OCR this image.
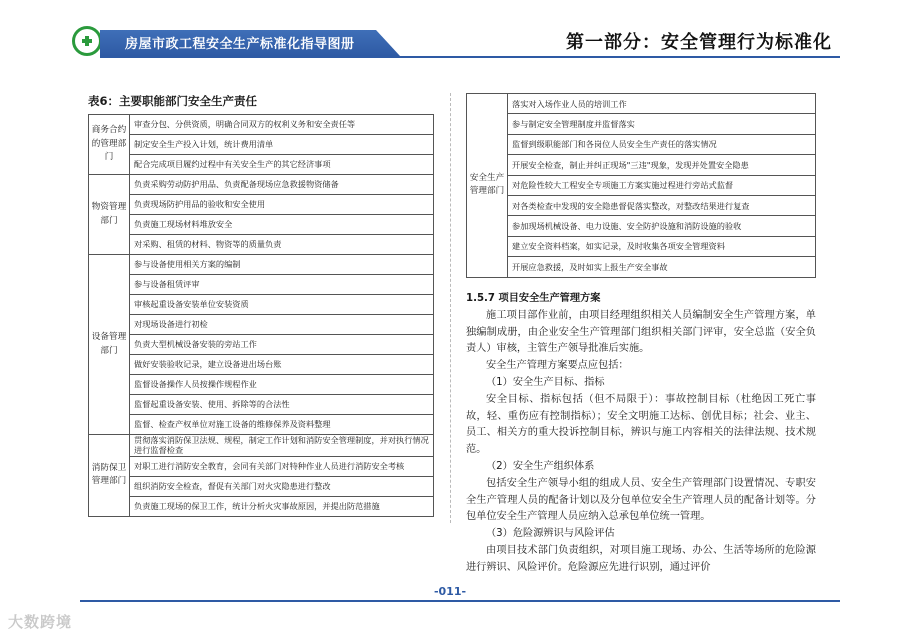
房屋市政工程安全生产标准化指导图册	第一部分：安全管理行为标准化
表6：主要职能部门安全生产责任
商务合约的管理部门	审查分包、分供资质，明确合同双方的权利义务和安全责任等
	制定安全生产投入计划，统计费用清单
	配合完成项目履约过程中有关安全生产的其它经济事项
物资管理部门	负责采购劳动防护用品、负责配备现场应急救援物资储备
	负责现场防护用品的验收和安全使用
	负责施工现场材料堆放安全
	对采购、租赁的材料、物资等的质量负责
设备管理部门	参与设备使用相关方案的编制
	参与设备租赁评审
	审核起重设备安装单位安装资质
	对现场设备进行初检
	负责大型机械设备安装的旁站工作
	做好安装验收记录，建立设备进出场台账
	监督设备操作人员按操作规程作业
	监督起重设备安装、使用、拆除等的合法性
	监督、检查产权单位对施工设备的维修保养及资料整理
消防保卫管理部门	贯彻落实消防保卫法规、规程，制定工作计划和消防安全管理制度，并对执行情况进行监督检查
	对职工进行消防安全教育，会同有关部门对特种作业人员进行消防安全考核
	组织消防安全检查，督促有关部门对火灾隐患进行整改
	负责施工现场的保卫工作，统计分析火灾事故原因，并提出防范措施
安全生产管理部门	落实对入场作业人员的培训工作
参与制定安全管理制度并监督落实
监督到级职能部门和各岗位人员安全生产责任的落实情况
开展安全检查，制止并纠正现场"三违"现象，发现并处置安全隐患
对危险性较大工程安全专项施工方案实施过程进行旁站式监督
对各类检查中发现的安全隐患督促落实整改，对整改结果进行复查
参加现场机械设备、电力设施、安全防护设施和消防设施的验收
建立安全资料档案，如实记录，及时收集各项安全管理资料
开展应急救援，及时如实上报生产安全事故

1.5.7 项目安全生产管理方案

施工项目部作业前，由项目经理组织相关人员编制安全生产管理方案，单独编制成册，由企业安全生产管理部门组织相关部门评审，安全总监（安全负责人）审核，主管生产领导批准后实施。

安全生产管理方案要点应包括：

（1）安全生产目标、指标

安全目标、指标包括（但不局限于）：事故控制目标（杜绝因工死亡事故，轻、重伤应有控制指标）；安全文明施工达标、创优目标；社会、业主、员工、相关方的重大投诉控制目标，辨识与施工内容相关的法律法规、技术规范。

（2）安全生产组织体系

包括安全生产领导小组的组成人员、安全生产管理部门设置情况、专职安全生产管理人员的配备计划以及分包单位安全生产管理人员的配备计划等。分包单位安全生产管理人员应纳入总承包单位统一管理。

（3）危险源辨识与风险评估

由项目技术部门负责组织，对项目施工现场、办公、生活等场所的危险源进行辨识、风险评价。危险源应先进行识别，通过评价

-011-
大数跨境
